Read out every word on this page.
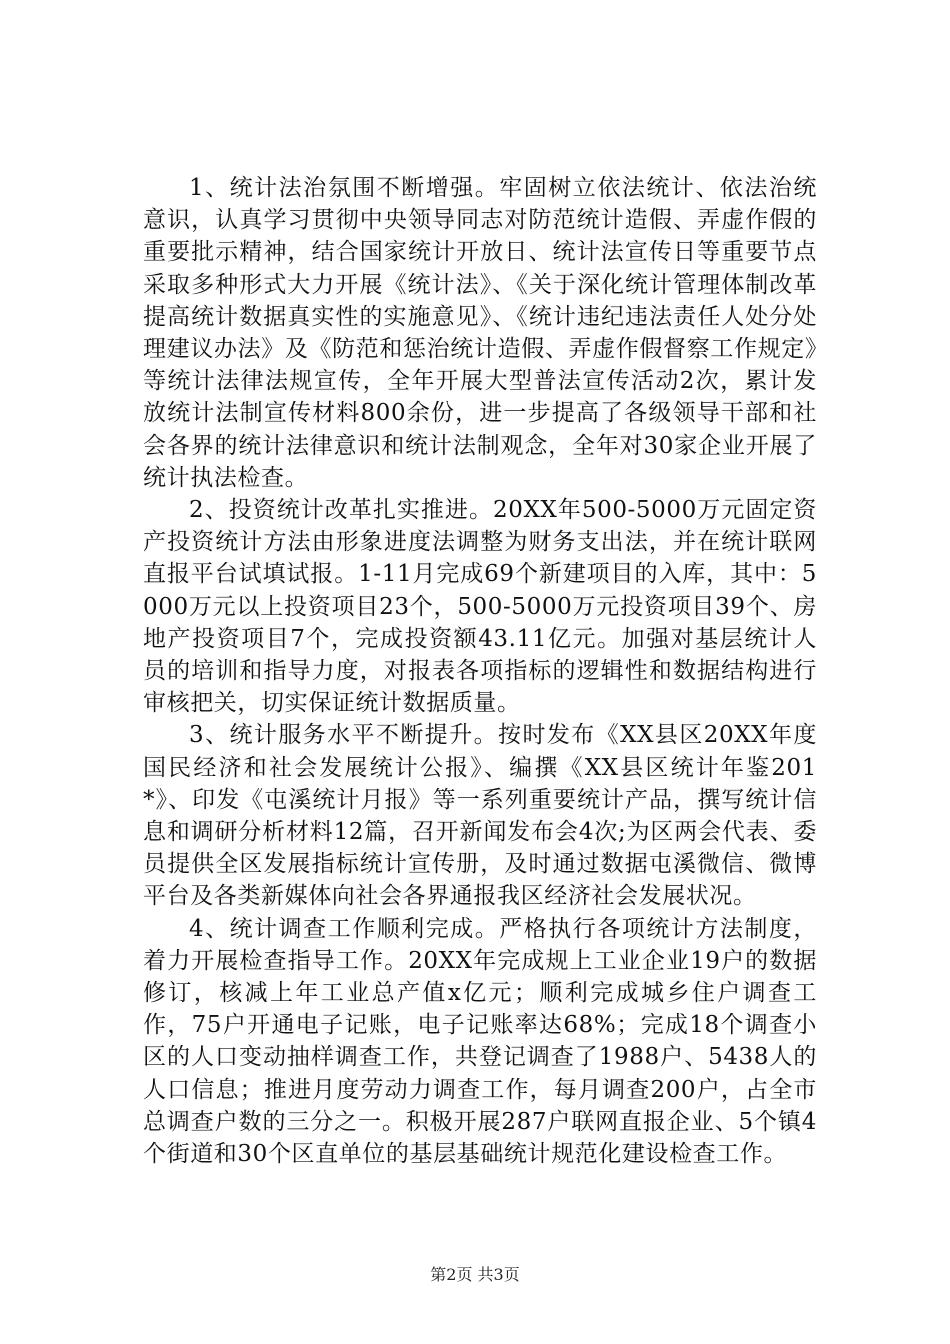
1、统计法治氛围不断增强。牢固树立依法统计、依法治统意识，认真学习贯彻中央领导同志对防范统计造假、弄虚作假的重要批示精神，结合国家统计开放日、统计法宣传日等重要节点采取多种形式大力开展《统计法》、《关于深化统计管理体制改革提高统计数据真实性的实施意见》、《统计违纪违法责任人处分处理建议办法》及《防范和惩治统计造假、弄虚作假督察工作规定》等统计法律法规宣传，全年开展大型普法宣传活动2次，累计发放统计法制宣传材料800余份，进一步提高了各级领导干部和社会各界的统计法律意识和统计法制观念，全年对30家企业开展了统计执法检查。

2、投资统计改革扎实推进。20XX年500-5000万元固定资产投资统计方法由形象进度法调整为财务支出法，并在统计联网直报平台试填试报。1-11月完成69个新建项目的入库，其中：5000万元以上投资项目23个，500-5000万元投资项目39个、房地产投资项目7个，完成投资额43.11亿元。加强对基层统计人员的培训和指导力度，对报表各项指标的逻辑性和数据结构进行审核把关，切实保证统计数据质量。

3、统计服务水平不断提升。按时发布《XX县区20XX年度国民经济和社会发展统计公报》、编撰《XX县区统计年鉴201*》、印发《屯溪统计月报》等一系列重要统计产品，撰写统计信息和调研分析材料12篇，召开新闻发布会4次;为区两会代表、委员提供全区发展指标统计宣传册，及时通过数据屯溪微信、微博平台及各类新媒体向社会各界通报我区经济社会发展状况。

4、统计调查工作顺利完成。严格执行各项统计方法制度，着力开展检查指导工作。20XX年完成规上工业企业19户的数据修订，核减上年工业总产值x亿元；顺利完成城乡住户调查工作，75户开通电子记账，电子记账率达68%；完成18个调查小区的人口变动抽样调查工作，共登记调查了1988户、5438人的人口信息；推进月度劳动力调查工作，每月调查200户，占全市总调查户数的三分之一。积极开展287户联网直报企业、5个镇4个街道和30个区直单位的基层基础统计规范化建设检查工作。

第2页 共3页
